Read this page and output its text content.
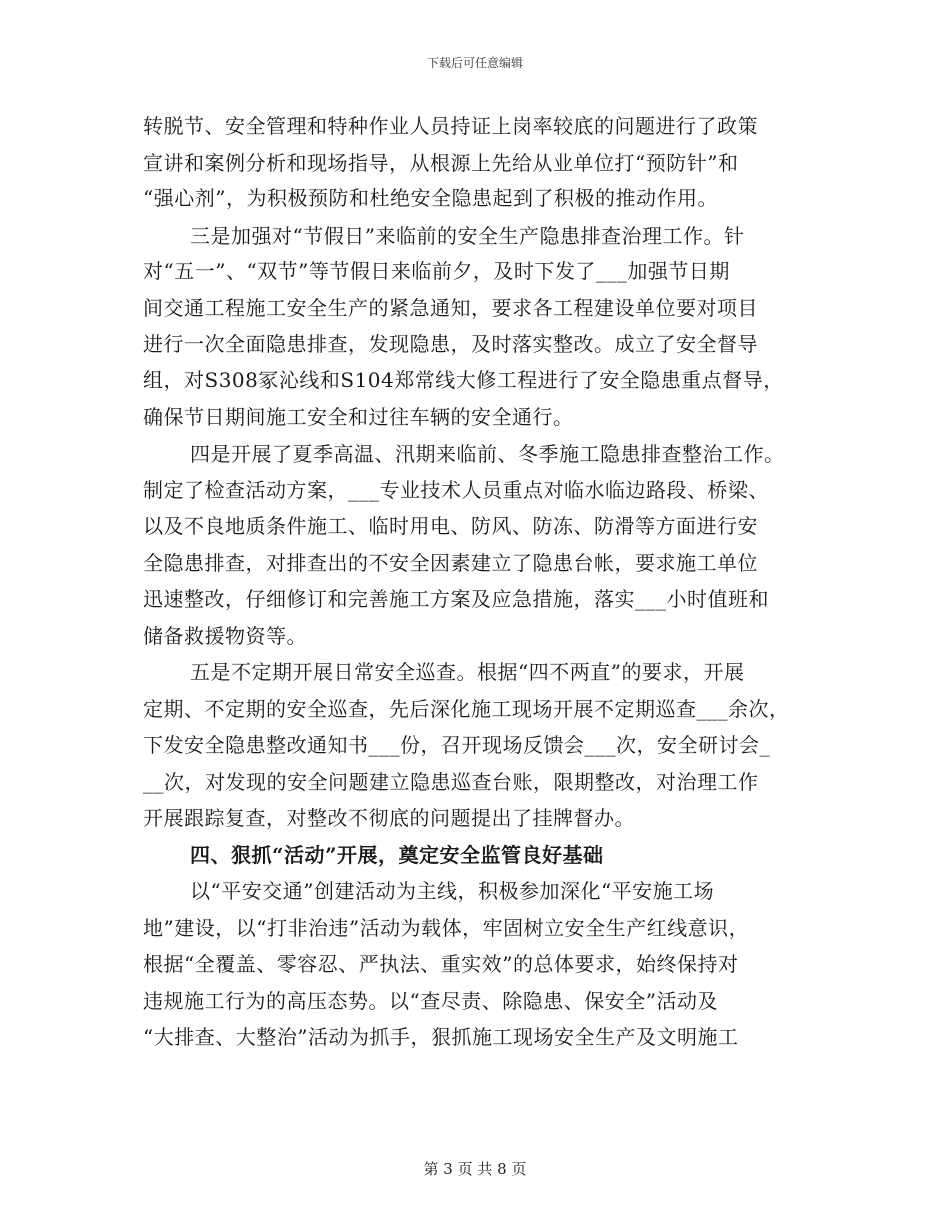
下载后可任意编辑
转脱节、安全管理和特种作业人员持证上岗率较底的问题进行了政策
宣讲和案例分析和现场指导，从根源上先给从业单位打“预防针”和
“强心剂”，为积极预防和杜绝安全隐患起到了积极的推动作用。
三是加强对“节假日”来临前的安全生产隐患排查治理工作。针
对“五一”、“双节”等节假日来临前夕，及时下发了___加强节日期
间交通工程施工安全生产的紧急通知，要求各工程建设单位要对项目
进行一次全面隐患排查，发现隐患，及时落实整改。成立了安全督导
组，对S308冢沁线和S104郑常线大修工程进行了安全隐患重点督导，
确保节日期间施工安全和过往车辆的安全通行。
四是开展了夏季高温、汛期来临前、冬季施工隐患排查整治工作。
制定了检查活动方案，___专业技术人员重点对临水临边路段、桥梁、
以及不良地质条件施工、临时用电、防风、防冻、防滑等方面进行安
全隐患排查，对排查出的不安全因素建立了隐患台帐，要求施工单位
迅速整改，仔细修订和完善施工方案及应急措施，落实___小时值班和
储备救援物资等。
五是不定期开展日常安全巡查。根据“四不两直”的要求，开展
定期、不定期的安全巡查，先后深化施工现场开展不定期巡查___余次，
下发安全隐患整改通知书___份，召开现场反馈会___次，安全研讨会_
__次，对发现的安全问题建立隐患巡查台账，限期整改，对治理工作
开展跟踪复查，对整改不彻底的问题提出了挂牌督办。
四、狠抓“活动”开展，奠定安全监管良好基础
以“平安交通”创建活动为主线，积极参加深化“平安施工场
地”建设，以“打非治违”活动为载体，牢固树立安全生产红线意识，
根据“全覆盖、零容忍、严执法、重实效”的总体要求，始终保持对
违规施工行为的高压态势。以“查尽责、除隐患、保安全”活动及
“大排查、大整治”活动为抓手，狠抓施工现场安全生产及文明施工
第 3 页 共 8 页
